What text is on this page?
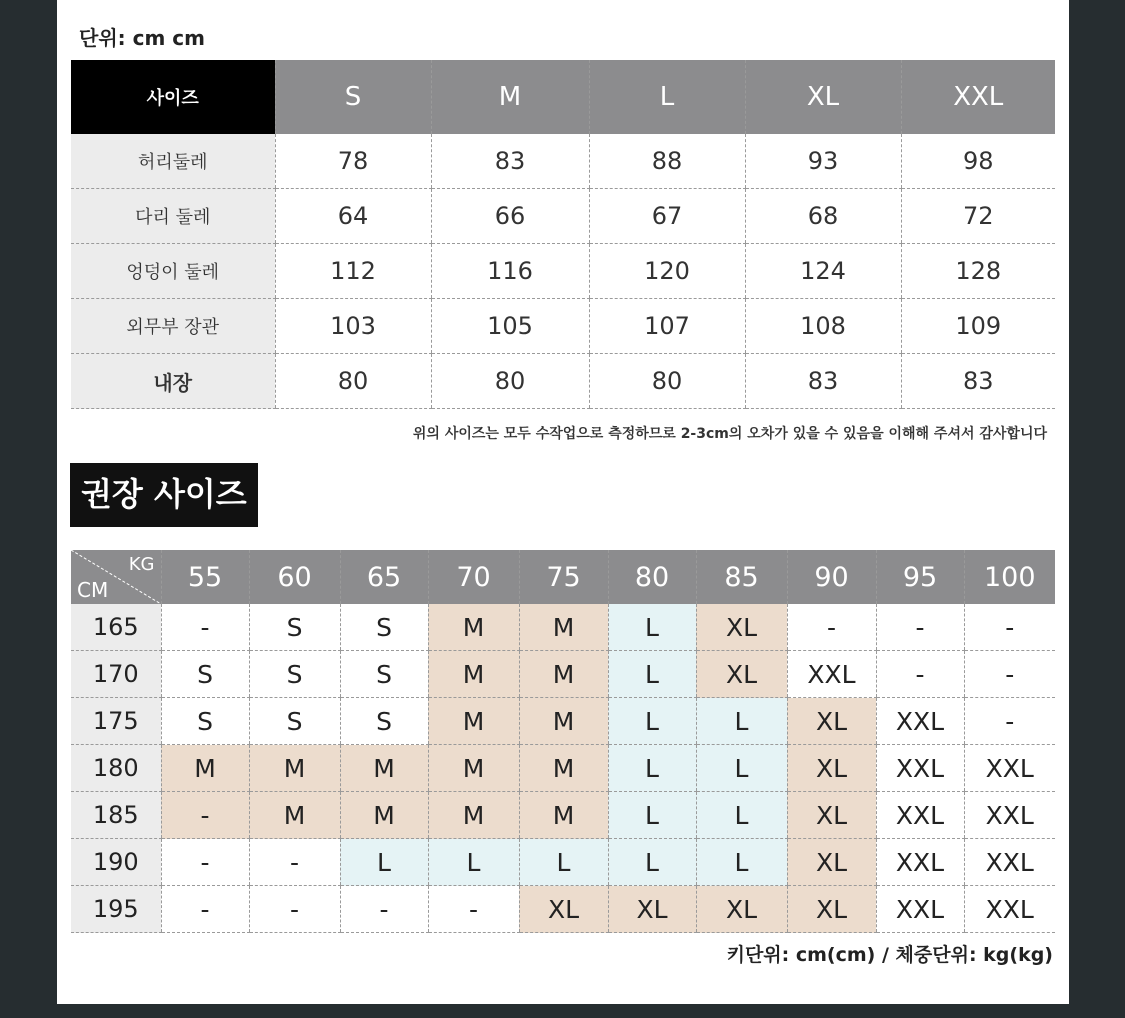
단위: cm cm
사이즈	S	M	L	XL	XXL
허리둘레	78	83	88	93	98
다리 둘레	64	66	67	68	72
엉덩이 둘레	112	116	120	124	128
외무부 장관	103	105	107	108	109
내장	80	80	80	83	83
위의 사이즈는 모두 수작업으로 측정하므로 2-3cm의 오차가 있을 수 있음을 이해해 주셔서 감사합니다
권장 사이즈
KG
CM	55	60	65	70	75	80	85	90	95	100
165	-	S	S	M	M	L	XL	-	-	-
170	S	S	S	M	M	L	XL	XXL	-	-
175	S	S	S	M	M	L	L	XL	XXL	-
180	M	M	M	M	M	L	L	XL	XXL	XXL
185	-	M	M	M	M	L	L	XL	XXL	XXL
190	-	-	L	L	L	L	L	XL	XXL	XXL
195	-	-	-	-	XL	XL	XL	XL	XXL	XXL
키단위: cm(cm) / 체중단위: kg(kg)
